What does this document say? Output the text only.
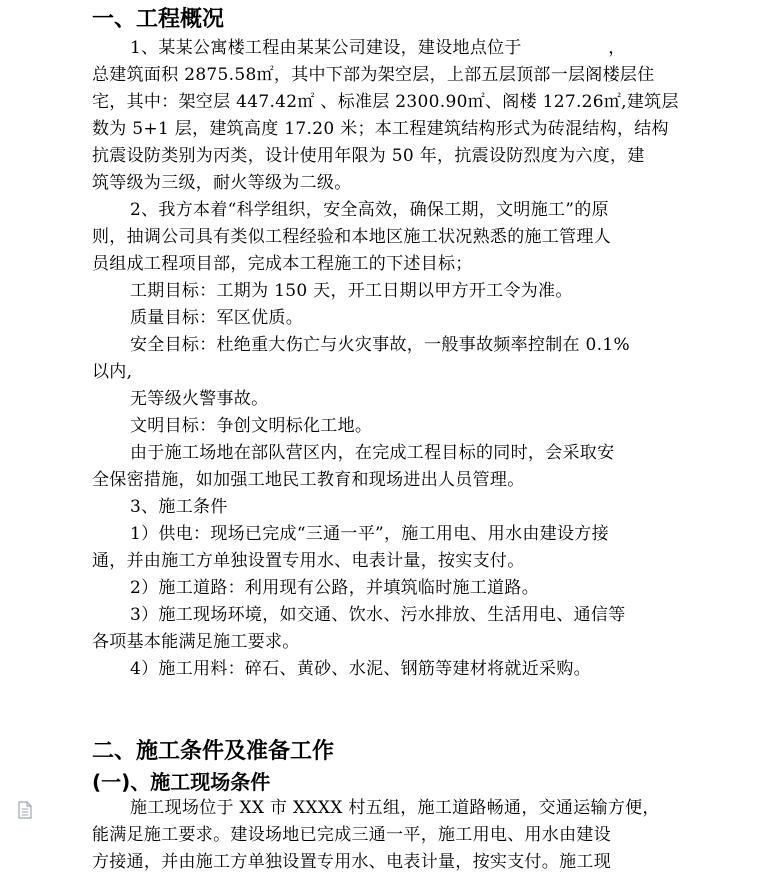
一、工程概况
1、某某公寓楼工程由某某公司建设，建设地点位于　　　　　，
总建筑面积 2875.58㎡，其中下部为架空层，上部五层顶部一层阁楼层住
宅，其中：架空层 447.42㎡ 、标准层 2300.90㎡、阁楼 127.26㎡,建筑层
数为 5+1 层，建筑高度 17.20 米；本工程建筑结构形式为砖混结构，结构
抗震设防类别为丙类，设计使用年限为 50 年，抗震设防烈度为六度，建
筑等级为三级，耐火等级为二级。
2、我方本着“科学组织，安全高效，确保工期，文明施工”的原
则，抽调公司具有类似工程经验和本地区施工状况熟悉的施工管理人
员组成工程项目部，完成本工程施工的下述目标；
工期目标：工期为 150 天，开工日期以甲方开工令为准。
质量目标：军区优质。
安全目标：杜绝重大伤亡与火灾事故，一般事故频率控制在 0.1%
以内,
无等级火警事故。
文明目标：争创文明标化工地。
由于施工场地在部队营区内，在完成工程目标的同时，会采取安
全保密措施，如加强工地民工教育和现场进出人员管理。
3、施工条件
1）供电：现场已完成“三通一平”，施工用电、用水由建设方接
通，并由施工方单独设置专用水、电表计量，按实支付。
2）施工道路：利用现有公路，并填筑临时施工道路。
3）施工现场环境，如交通、饮水、污水排放、生活用电、通信等
各项基本能满足施工要求。
4）施工用料：碎石、黄砂、水泥、钢筋等建材将就近采购。
二、施工条件及准备工作
(一)、施工现场条件
施工现场位于 XX 市 XXXX 村五组，施工道路畅通，交通运输方便，
能满足施工要求。建设场地已完成三通一平，施工用电、用水由建设
方接通，并由施工方单独设置专用水、电表计量，按实支付。施工现
